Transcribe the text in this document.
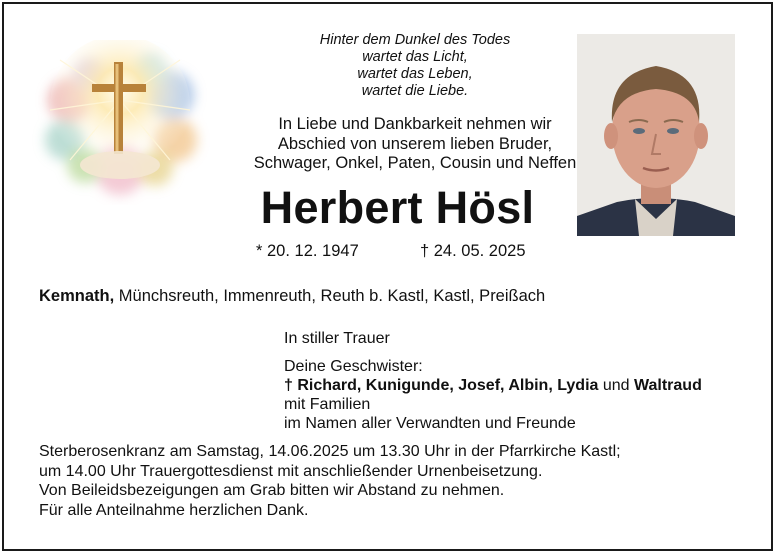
Hinter dem Dunkel des Todes
wartet das Licht,
wartet das Leben,
wartet die Liebe.
In Liebe und Dankbarkeit nehmen wir
Abschied von unserem lieben Bruder,
Schwager, Onkel, Paten, Cousin und Neffen
Herbert Hösl
* 20. 12. 1947	† 24. 05. 2025
Kemnath, Münchsreuth, Immenreuth, Reuth b. Kastl, Kastl, Preißach
In stiller Trauer
Deine Geschwister:
† Richard, Kunigunde, Josef, Albin, Lydia und Waltraud
mit Familien
im Namen aller Verwandten und Freunde
Sterberosenkranz am Samstag, 14.06.2025 um 13.30 Uhr in der Pfarrkirche Kastl;
um 14.00 Uhr Trauergottesdienst mit anschließender Urnenbeisetzung.
Von Beileidsbezeigungen am Grab bitten wir Abstand zu nehmen.
Für alle Anteilnahme herzlichen Dank.
